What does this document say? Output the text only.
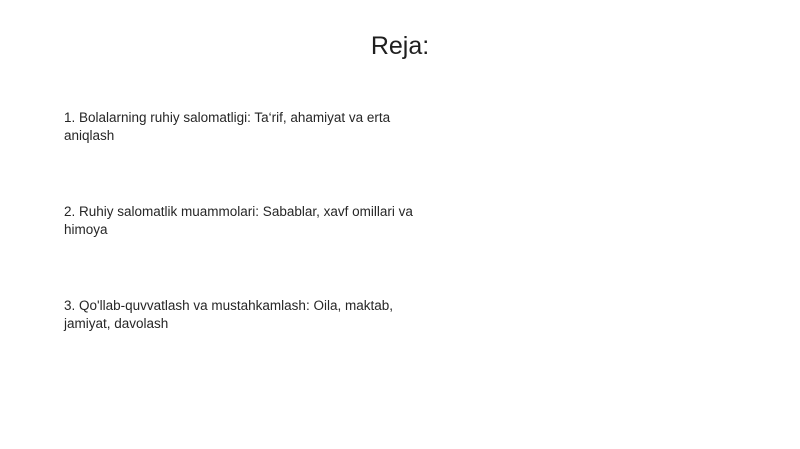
Reja:

1. Bolalarning ruhiy salomatligi: Ta‘rif, ahamiyat va erta aniqlash

2. Ruhiy salomatlik muammolari: Sabablar, xavf omillari va himoya

3. Qo'llab-quvvatlash va mustahkamlash: Oila, maktab, jamiyat, davolash
